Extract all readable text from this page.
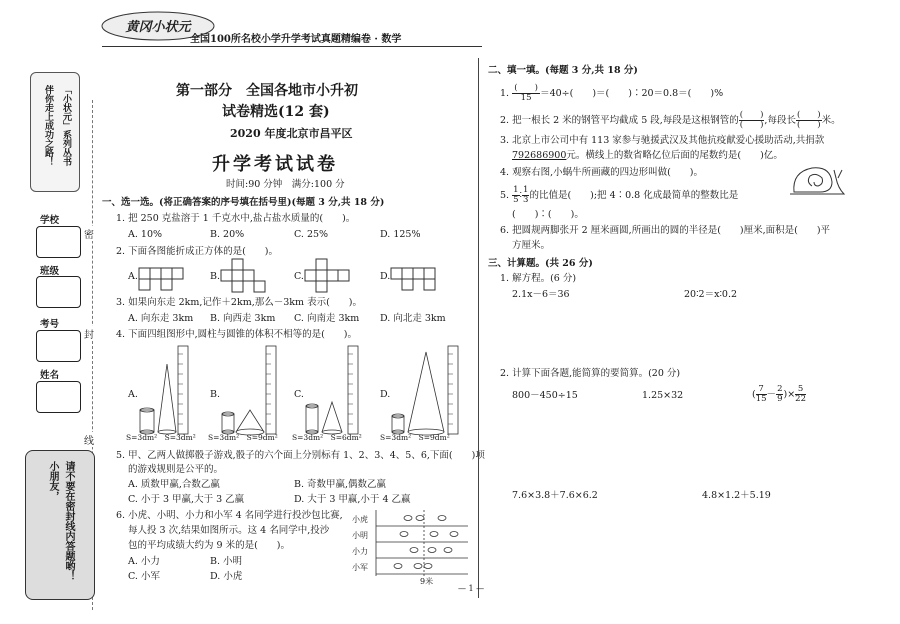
黄冈小状元
全国100所名校小学升学考试真题精编卷 · 数学
「小状元」系列丛书
伴你走上成功之路！
学校
班级
考号
姓名
密
封
线
小朋友， 请不要在密封线内答题哟！
第一部分　全国各地市小升初
试卷精选(12 套)
2020 年度北京市昌平区
升学考试试卷
时间:90 分钟　满分:100 分
一、选一选。(将正确答案的序号填在括号里)(每题 3 分,共 18 分)
1. 把 250 克盐溶于 1 千克水中,盐占盐水质量的(　　)。
A. 10%	B. 20%	C. 25%	D. 125%
2. 下面各图能折成正方体的是(　　)。
A.	B.	C.	D.
3. 如果向东走 2km,记作＋2km,那么－3km 表示(　　)。
A. 向东走 3km B. 向西走 3km C. 向南走 3km D. 向北走 3km
4. 下面四组图形中,圆柱与圆锥的体积不相等的是(　　)。
A.	B.	C.	D.
S=3dm²　S=3dm² S=3dm²　S=9dm² S=3dm²　S=6dm² S=3dm²　S=9dm²
5. 甲、乙两人做掷骰子游戏,骰子的六个面上分别标有 1、2、3、4、5、6,下面(　　)项
的游戏规则是公平的。
A. 质数甲赢,合数乙赢	B. 奇数甲赢,偶数乙赢
C. 小于 3 甲赢,大于 3 乙赢	D. 大于 3 甲赢,小于 4 乙赢
6. 小虎、小明、小力和小军 4 名同学进行投沙包比赛,
每人投 3 次,结果如图所示。这 4 名同学中,投沙
包的平均成绩大约为 9 米的是(　　)。
A. 小力	B. 小明
C. 小军	D. 小虎
小虎
小明
小力
小军
9米
二、填一填。(每题 3 分,共 18 分)
1. $\frac{( )}{15} =40\div$(　　)＝(　　)∶20＝0.8＝(　　)%
2. 把一根长 2 米的钢管平均截成 5 段,每段是这根钢管的 $\frac{( )}{( )}$ ,每段长 $\frac{( )}{( )}$ 米。
3. 北京上市公司中有 113 家参与驰援武汉及其他抗疫献爱心援助活动,共捐款
792686900元。横线上的数省略亿位后面的尾数约是(　　)亿。
4. 观察右图,小蜗牛所画藏的四边形叫做(　　)。
5. $\frac{1}{5}$ ∶ $\frac{1}{3}$ 的比值是(　　);把 4∶0.8 化成最简单的整数比是
(　　)∶(　　)。
6. 把圆规两脚张开 2 厘米画圆,所画出的圆的半径是(　　)厘米,面积是(　　)平
方厘米。
三、计算题。(共 26 分)
1. 解方程。(6 分)
2.1x－6＝36	20∶2＝x∶0.2
2. 计算下面各题,能简算的要简算。(20 分)
800－450÷15	1.25×32	( $\frac{7}{15} - \frac{2}{9}$ )× $\frac{5}{22}$
7.6×3.8＋7.6×6.2	4.8×1.2＋5.19
— 1 —
